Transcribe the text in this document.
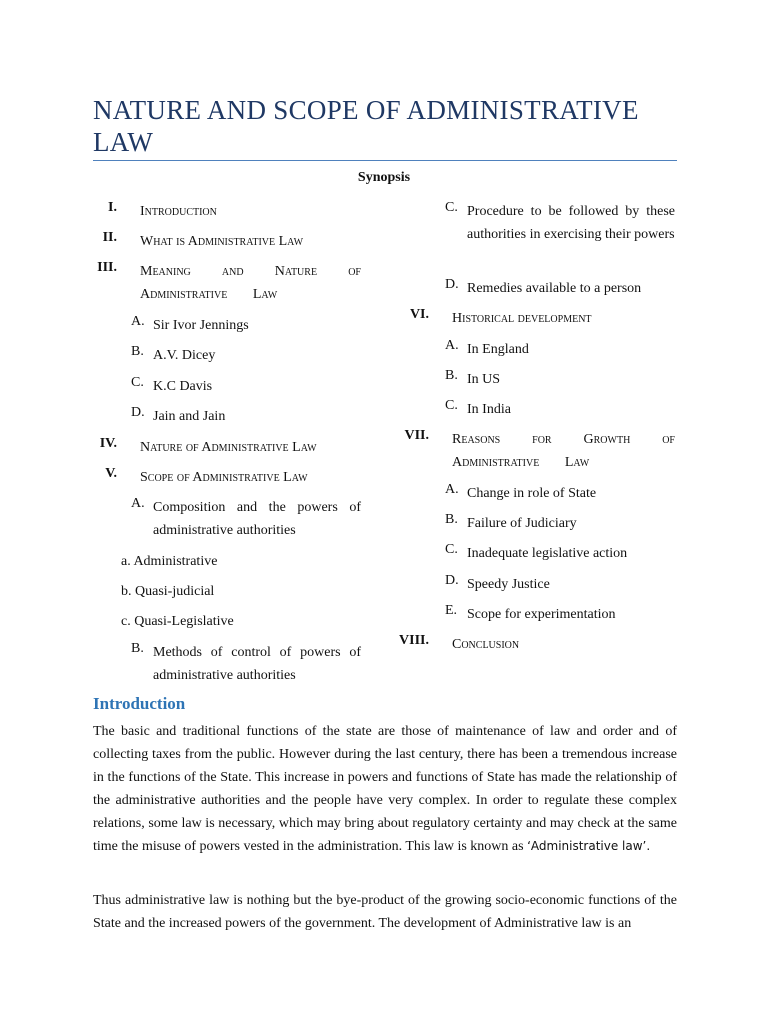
NATURE AND SCOPE OF ADMINISTRATIVE LAW
Synopsis
I. Introduction
II. What is Administrative Law
III. Meaning and Nature of Administrative Law
A. Sir Ivor Jennings
B. A.V. Dicey
C. K.C Davis
D. Jain and Jain
IV. Nature of Administrative Law
V. Scope of Administrative Law
A. Composition and the powers of administrative authorities
a. Administrative
b. Quasi-judicial
c. Quasi-Legislative
B. Methods of control of powers of administrative authorities
C. Procedure to be followed by these authorities in exercising their powers
D. Remedies available to a person
VI. Historical development
A. In England
B. In US
C. In India
VII. Reasons for Growth of Administrative Law
A. Change in role of State
B. Failure of Judiciary
C. Inadequate legislative action
D. Speedy Justice
E. Scope for experimentation
VIII. Conclusion
Introduction

The basic and traditional functions of the state are those of maintenance of law and order and of collecting taxes from the public. However during the last century, there has been a tremendous increase in the functions of the State. This increase in powers and functions of State has made the relationship of the administrative authorities and the people have very complex. In order to regulate these complex relations, some law is necessary, which may bring about regulatory certainty and may check at the same time the misuse of powers vested in the administration. This law is known as ‘Administrative law’.

Thus administrative law is nothing but the bye-product of the growing socio-economic functions of the State and the increased powers of the government. The development of Administrative law is an
